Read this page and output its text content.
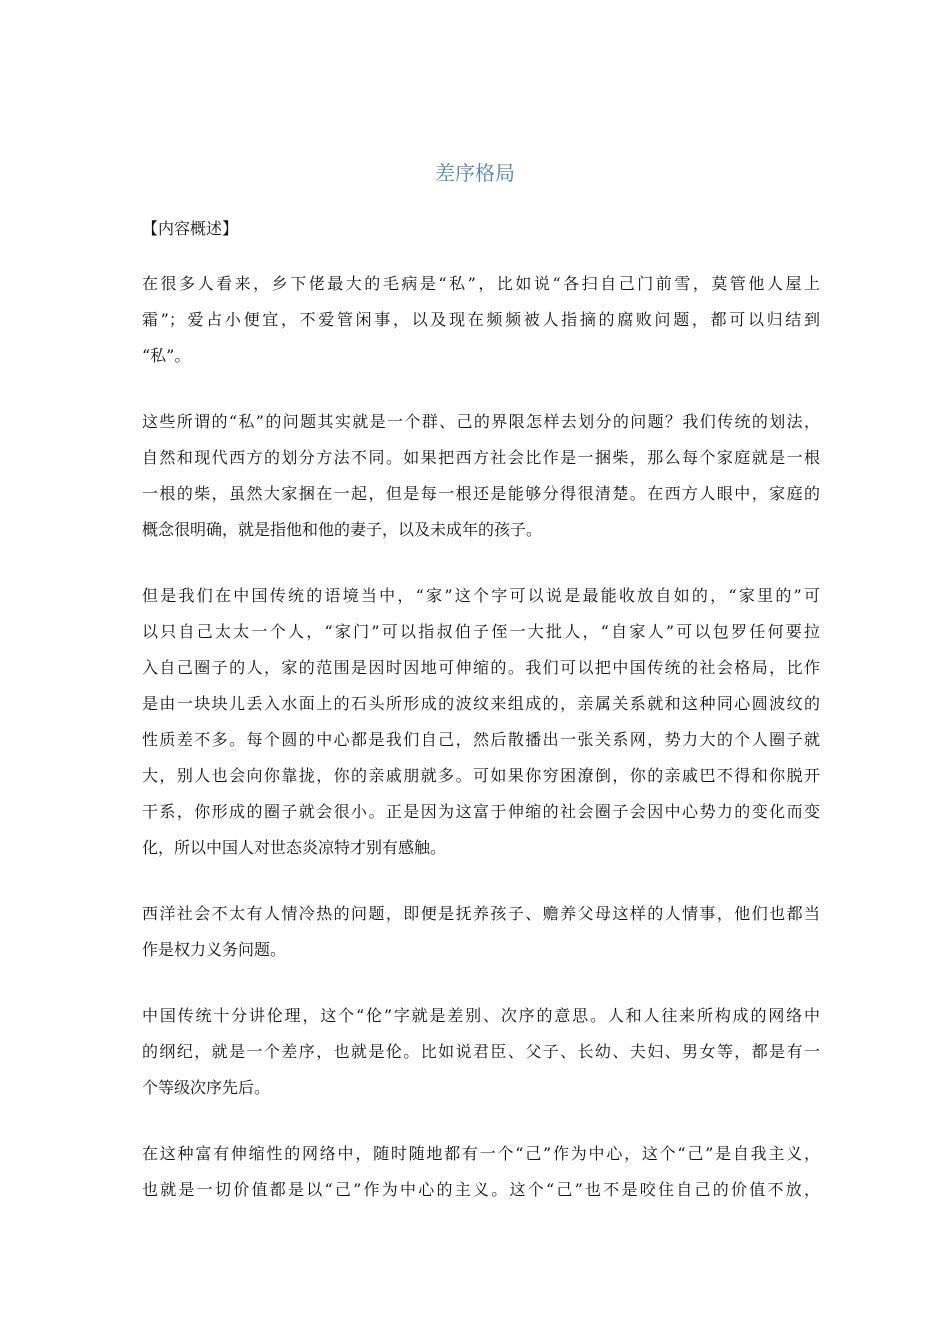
差序格局
【内容概述】
在很多人看来，乡下佬最大的毛病是“私”，比如说“各扫自己门前雪，莫管他人屋上
霜”；爱占小便宜，不爱管闲事，以及现在频频被人指摘的腐败问题，都可以归结到
“私”。
这些所谓的“私”的问题其实就是一个群、己的界限怎样去划分的问题？我们传统的划法，
自然和现代西方的划分方法不同。如果把西方社会比作是一捆柴，那么每个家庭就是一根
一根的柴，虽然大家捆在一起，但是每一根还是能够分得很清楚。在西方人眼中，家庭的
概念很明确，就是指他和他的妻子，以及未成年的孩子。
但是我们在中国传统的语境当中，“家”这个字可以说是最能收放自如的，“家里的”可
以只自己太太一个人，“家门”可以指叔伯子侄一大批人，“自家人”可以包罗任何要拉
入自己圈子的人，家的范围是因时因地可伸缩的。我们可以把中国传统的社会格局，比作
是由一块块儿丢入水面上的石头所形成的波纹来组成的，亲属关系就和这种同心圆波纹的
性质差不多。每个圆的中心都是我们自己，然后散播出一张关系网，势力大的个人圈子就
大，别人也会向你靠拢，你的亲戚朋就多。可如果你穷困潦倒，你的亲戚巴不得和你脱开
干系，你形成的圈子就会很小。正是因为这富于伸缩的社会圈子会因中心势力的变化而变
化，所以中国人对世态炎凉特才别有感触。
西洋社会不太有人情冷热的问题，即便是抚养孩子、赡养父母这样的人情事，他们也都当
作是权力义务问题。
中国传统十分讲伦理，这个“伦”字就是差别、次序的意思。人和人往来所构成的网络中
的纲纪，就是一个差序，也就是伦。比如说君臣、父子、长幼、夫妇、男女等，都是有一
个等级次序先后。
在这种富有伸缩性的网络中，随时随地都有一个“己”作为中心，这个“己”是自我主义，
也就是一切价值都是以“己”作为中心的主义。这个“己”也不是咬住自己的价值不放，
